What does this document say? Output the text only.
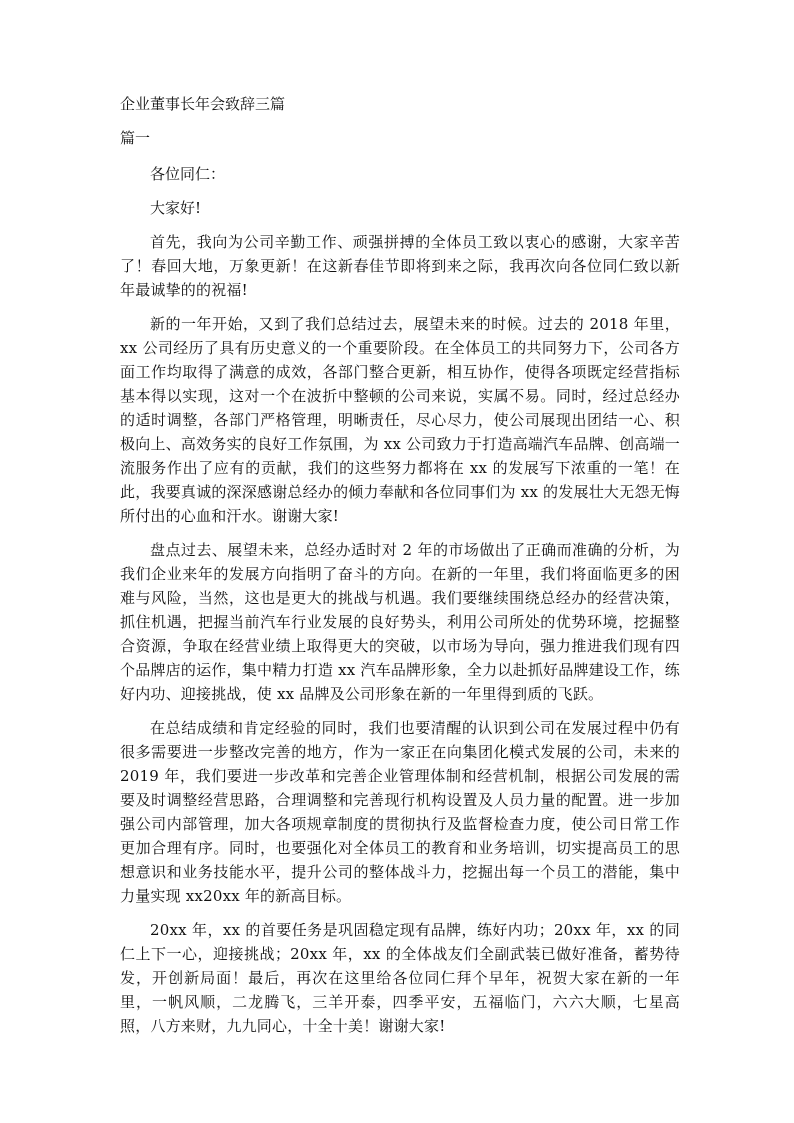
企业董事长年会致辞三篇
篇一
各位同仁：
大家好!

首先，我向为公司辛勤工作、顽强拼搏的全体员工致以衷心的感谢，大家辛苦了！春回大地，万象更新！在这新春佳节即将到来之际，我再次向各位同仁致以新年最诚挚的的祝福!

新的一年开始，又到了我们总结过去，展望未来的时候。过去的 2018 年里，xx 公司经历了具有历史意义的一个重要阶段。在全体员工的共同努力下，公司各方面工作均取得了满意的成效，各部门整合更新，相互协作，使得各项既定经营指标基本得以实现，这对一个在波折中整顿的公司来说，实属不易。同时，经过总经办的适时调整，各部门严格管理，明晰责任，尽心尽力，使公司展现出团结一心、积极向上、高效务实的良好工作氛围，为 xx 公司致力于打造高端汽车品牌、创高端一流服务作出了应有的贡献，我们的这些努力都将在 xx 的发展写下浓重的一笔！在此，我要真诚的深深感谢总经办的倾力奉献和各位同事们为 xx 的发展壮大无怨无悔所付出的心血和汗水。谢谢大家!

盘点过去、展望未来，总经办适时对 2 年的市场做出了正确而准确的分析，为我们企业来年的发展方向指明了奋斗的方向。在新的一年里，我们将面临更多的困难与风险，当然，这也是更大的挑战与机遇。我们要继续围绕总经办的经营决策，抓住机遇，把握当前汽车行业发展的良好势头，利用公司所处的优势环境，挖掘整合资源，争取在经营业绩上取得更大的突破，以市场为导向，强力推进我们现有四个品牌店的运作，集中精力打造 xx 汽车品牌形象，全力以赴抓好品牌建设工作，练好内功、迎接挑战，使 xx 品牌及公司形象在新的一年里得到质的飞跃。

在总结成绩和肯定经验的同时，我们也要清醒的认识到公司在发展过程中仍有很多需要进一步整改完善的地方，作为一家正在向集团化模式发展的公司，未来的 2019 年，我们要进一步改革和完善企业管理体制和经营机制，根据公司发展的需要及时调整经营思路，合理调整和完善现行机构设置及人员力量的配置。进一步加强公司内部管理，加大各项规章制度的贯彻执行及监督检查力度，使公司日常工作更加合理有序。同时，也要强化对全体员工的教育和业务培训，切实提高员工的思想意识和业务技能水平，提升公司的整体战斗力，挖掘出每一个员工的潜能，集中力量实现 xx20xx 年的新高目标。

20xx 年，xx 的首要任务是巩固稳定现有品牌，练好内功；20xx 年，xx 的同仁上下一心，迎接挑战；20xx 年，xx 的全体战友们全副武装已做好准备，蓄势待发，开创新局面！最后，再次在这里给各位同仁拜个早年，祝贺大家在新的一年里，一帆风顺，二龙腾飞，三羊开泰，四季平安，五福临门，六六大顺，七星高照，八方来财，九九同心，十全十美！谢谢大家!
